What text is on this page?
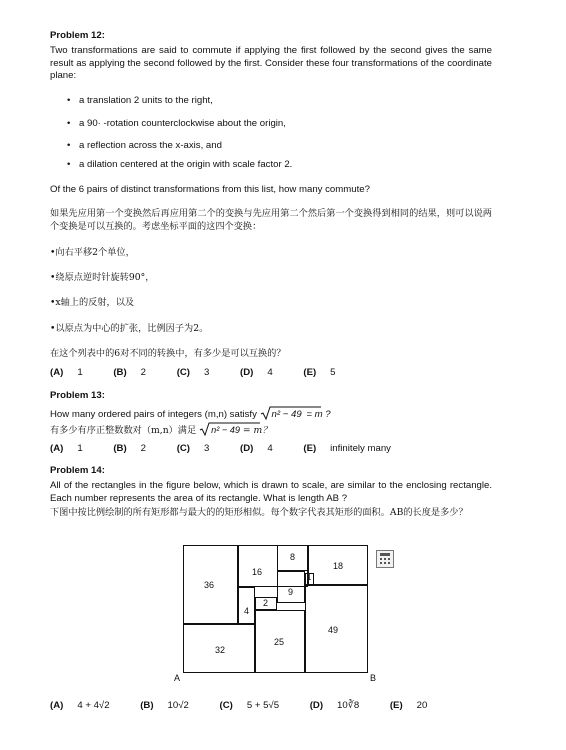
Problem 12:
Two transformations are said to commute if applying the first followed by the second gives the same result as applying the second followed by the first. Consider these four transformations of the coordinate plane:
• a translation 2 units to the right,
• a 90· -rotation counterclockwise about the origin,
• a reflection across the x-axis, and
• a dilation centered at the origin with scale factor 2.
Of the 6 pairs of distinct transformations from this list, how many commute?
如果先应用第一个变换然后再应用第二个的变换与先应用第二个然后第一个变换得到相同的结果，则可以说两个变换是可以互换的。考虑坐标平面的这四个变换：
•向右平移2个单位，
•绕原点逆时针旋转90°，
•x轴上的反射，以及
•以原点为中心的扩张，比例因子为2。
在这个列表中的6对不同的转换中，有多少是可以互换的？
(A) 1	(B) 2	(C) 3	(D) 4	(E) 5
Problem 13:
How many ordered pairs of integers (m,n) satisfy n² − 49 = m ?
有多少有序正整数数对（m,n）满足 n² − 49 = m？
(A) 1	(B) 2	(C) 3	(D) 4	(E) infinitely many
Problem 14:
All of the rectangles in the figure below, which is drawn to scale, are similar to the enclosing rectangle. Each number represents the area of its rectangle. What is length AB ?
下图中按比例绘制的所有矩形都与最大的的矩形相似。每个数字代表其矩形的面积。AB的长度是多少？
36
16
8
18
1
9
4
2
49
32
25
A	B
(A) 4 + 4√2	(B) 10√2	(C) 5 + 5√5	(D) 10∛8	(E) 20
